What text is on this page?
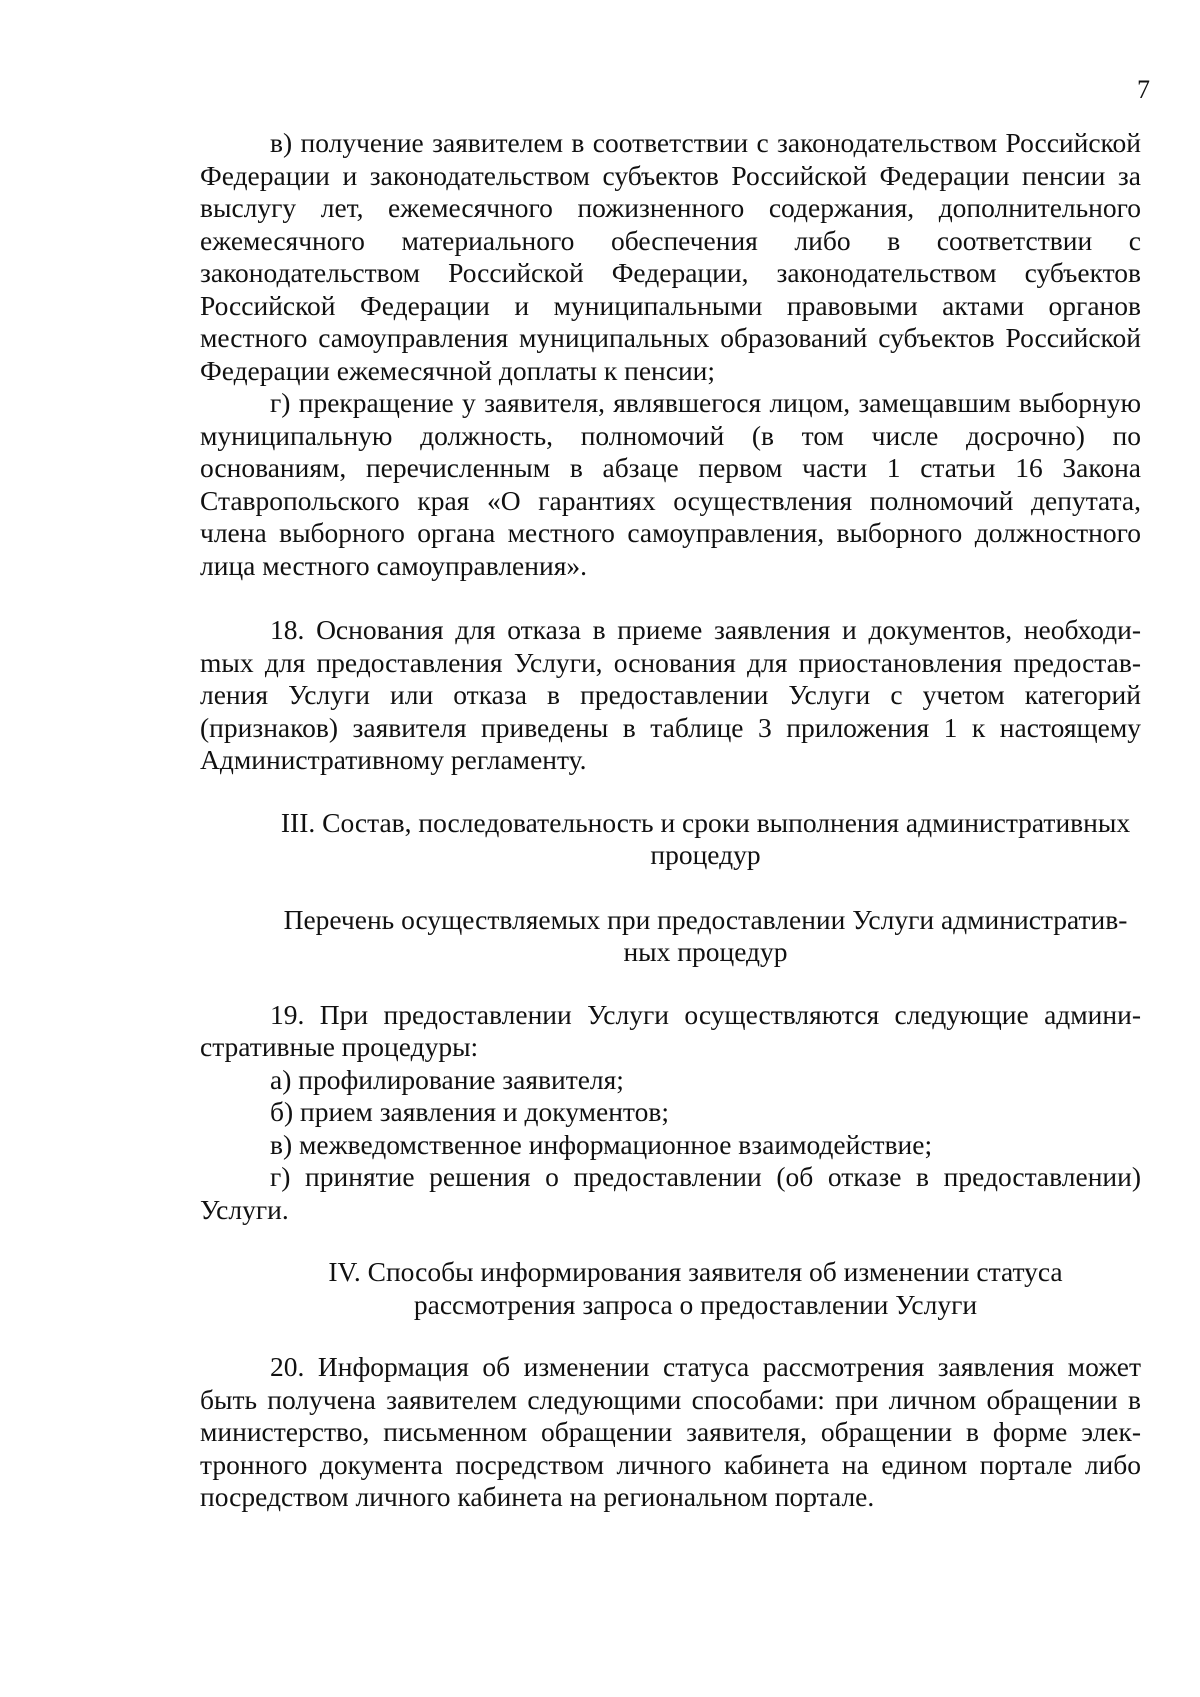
7

в) получение заявителем в соответствии с законодательством Российской Федерации и законодательством субъектов Российской Федерации пенсии за выслугу лет, ежемесячного пожизненного содержания, дополнительного ежемесячного материального обеспечения либо в соответствии с законодательством Российской Федерации, законодательством субъектов Российской Федерации и муниципальными правовыми актами органов местного самоуправления муниципальных образований субъектов Российской Федерации ежемесячной доплаты к пенсии;

г) прекращение у заявителя, являвшегося лицом, замещавшим выборную муниципальную должность, полномочий (в том числе досрочно) по основаниям, перечисленным в абзаце первом части 1 статьи 16 Закона Ставропольского края «О гарантиях осуществления полномочий депутата, члена выборного органа местного самоуправления, выборного должностного лица местного самоуправления».

18. Основания для отказа в приеме заявления и документов, необходиmых для предоставления Услуги, основания для приостановления предоставления Услуги или отказа в предоставлении Услуги с учетом категорий (признаков) заявителя приведены в таблице 3 приложения 1 к настоящему Административному регламенту.

III. Состав, последовательность и сроки выполнения административных процедур

Перечень осуществляемых при предоставлении Услуги административных процедур

19. При предоставлении Услуги осуществляются следующие административные процедуры:

а) профилирование заявителя;

б) прием заявления и документов;

в) межведомственное информационное взаимодействие;

г) принятие решения о предоставлении (об отказе в предоставлении) Услуги.

IV. Способы информирования заявителя об изменении статуса рассмотрения запроса о предоставлении Услуги

20. Информация об изменении статуса рассмотрения заявления может быть получена заявителем следующими способами: при личном обращении в министерство, письменном обращении заявителя, обращении в форме электронного документа посредством личного кабинета на едином портале либо посредством личного кабинета на региональном портале.
